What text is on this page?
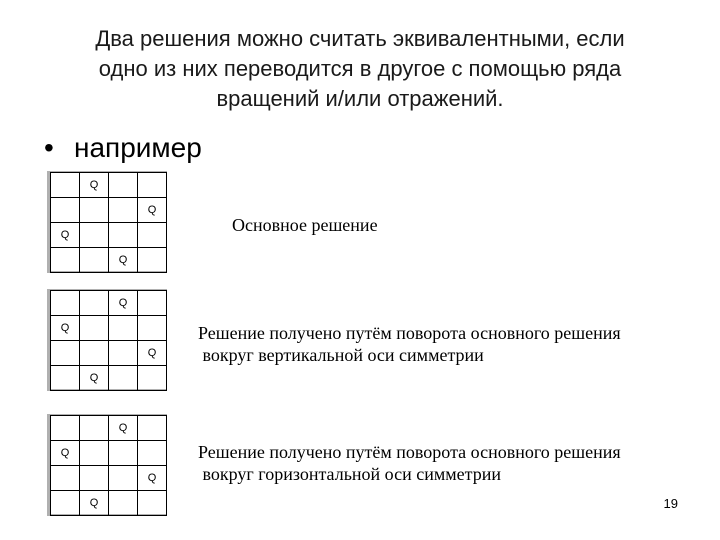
Два решения можно считать эквивалентными, если
одно из них переводится в другое с помощью ряда
вращений и/или отражений.
• например
Q
Q
Q
Q
Основное решение
Q
Q
Q
Q
Решение получено путём поворота основного решения
вокруг вертикальной оси симметрии
Q
Q
Q
Q
Решение получено путём поворота основного решения
вокруг горизонтальной оси симметрии
19
